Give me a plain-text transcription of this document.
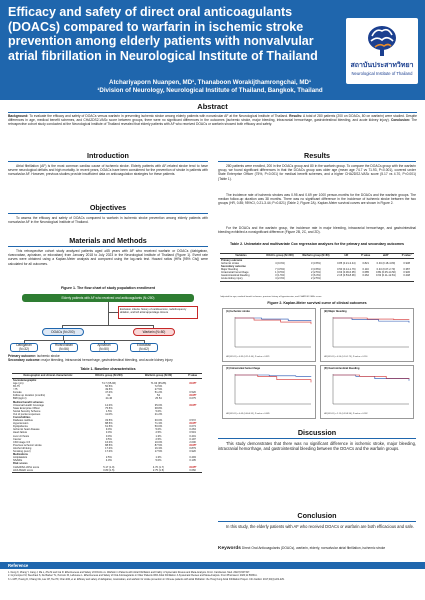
Efficacy and safety of direct oral anticoagulants (DOACs) compared to warfarin in ischemic stroke prevention among elderly patients with nonvalvular atrial fibrillation in Neurological Institute of Thailand
Atchariyaporn Nuanpen, MD¹, Thanaboon Worakijthamrongchai, MD¹
¹Division of Neurology, Neurological Institute of Thailand, Bangkok, Thailand
สถาบันประสาทวิทยา
Neurological Institute of Thailand
Abstract
Background: To evaluate the efficacy and safety of DOACs versus warfarin in preventing ischemic stroke among elderly patients with nonvalvular AF at the Neurological Institute of Thailand. Results: A total of 280 patients (200 on DOACs, 80 on warfarin) were studied. Despite differences in age, medical benefit schemes, and CHA2DS2-VASc score between groups, there were no significant differences in the outcomes (ischemic stroke, major bleeding, intracranial hemorrhage, gastrointestinal bleeding, and acute kidney injury). Conclusion: The retrospective cohort study conducted at the Neurological Institute of Thailand revealed that elderly patients with AF who received DOACs or warfarin showed both efficacy and safety.
Introduction
Atrial fibrillation (AF) is the most common cardiac cause of ischemic stroke. Elderly patients with AF-related stroke tend to have severe neurological deficits and high mortality. In recent years, DOACs have been considered for the prevention of stroke in patients with nonvalvular AF. However, previous studies provide insufficient data on anticoagulation strategies for these patients.
Objectives
To assess the efficacy and safety of DOACs compared to warfarin in ischemic stroke prevention among elderly patients with nonvalvular AF in the Neurological Institute of Thailand.
Materials and Methods
This retrospective cohort study analyzed patients aged ≥65 years with AF who received warfarin or DOACs (dabigatran, rivaroxaban, apixaban, or edoxaban) from January 2018 to July 2023 in the Neurological Institute of Thailand (Figure 1). Event rate curves were obtained using a Kaplan-Meier analysis and compared using the log-rank test. Hazard ratios (HRs [95% CIs]) were calculated for all outcomes.
Figure 1. The flow chart of study population enrollment
Elderly patients with AF who received oral anticoagulants (N=280)
Exclusion criteria: history of cardioversion, radiofrequency ablation, and left atrial appendage closure
DOACs (N=200)	Warfarin (N=80)
Dabigatran
(N=32)
Rivaroxaban
(N=56)
Apixaban
(N=50)
Edoxaban
(N=62)
Primary outcome: ischemic stroke
Secondary outcome: major bleeding, intracranial hemorrhage, gastrointestinal bleeding, and acute kidney injury
Table 1. Baseline characteristics
Demographic and clinical characteristic	DOACs group (N=200)	Warfarin group (N=80)	P value
Sociodemographic			
Age (yrs)	74.7 (65-96)	71.93 (65-86)	<0.05*
65-75	50.5%	72.5%	
>75	49.5%	27.5%	
Female	47.0%	51.2%	0.520
Follow up duration (months)	31	54	<0.05*
BMI (kg/m²)	24.46	25.54	0.075
Medical benefit schemes			
Universal Health Coverage	12.0%	35.0%	<0.05*
State Enterprise Officer	75.5%	38.8%	
Social Security Scheme	1.5%	5.0%	
Out of pocket expenses	11.0%	21.2%	
Comorbidities			
Diabetes mellitus	33.5%	30.0%	0.572
Hypertension	88.5%	71.3%	<0.05*
Dyslipidemia	61.5%	50.0%	0.073
Ischemic heart disease	9.0%	5.0%	0.263
Heart failure	3.0%	2.5%	0.519
Liver cirrhosis	0.0%	1.3%	0.401
Cancer	0.5%	2.5%	0.197
CKD stage 3-5	16.0%	10.0%	2.000
Previous ischemic stroke	88.5%	87.5%	<0.05*
Alcohol drinking	17.0%	16.3%	0.879
Smoking (ever)	17.0%	17.5%	0.920
Medications			
Antiplatelets	2.5%	1.3%	0.493
NSAIDs	4.0%	5.0%	0.105
Risk scores			
CHA2DS2-VASc score	5.17 (1.9)	4.70 (1.7)	<0.05*
HAS-BLED score	0.80 (1.5)	2.75 (1.5)	0.660
Results
280 patients were enrolled, 200 in the DOACs group and 80 in the warfarin group. To compare the DOACs group with the warfarin group, we found significant differences in that the DOACs group was older age (mean age 74.7 vs 71.93, P<0.001), covered under State Enterprise Officer (75%, P<0.001) for medical benefit schemes, and a higher CHA2DS2-VASc score (5.17 vs 4.70, P<0.001) (Table 1).
The incidence rate of ischemic strokes was 0.95 and 0.69 per 1000 person-months for the DOACs and the warfarin groups. The median follow-up duration was 38 months. There was no significant difference in the incidence of ischemic stroke between the two groups (HR, 0.85; 95%CI, 0.21-3.44; P=0.821) (Table 2, Figure 2A). Kaplan-Meier survival curves are shown in Figure 2.
For the DOACs and the warfarin group, the incidence rate in major bleeding, intracranial hemorrhage, and gastrointestinal bleeding exhibited a nonsignificant difference (Figure 2B, 2C, and 2D).
Table 2. Univariate and multivariate Cox regression analyses for the primary and secondary outcomes
Variables	DOACs group (N=200)	Warfarin group (N=80)	HR	P value	aHR¹	P value¹
Primary outcome						
Ischemic stroke	4 (0.0%)	3 (3.8%)	0.85 (0.21-3.44)	0.821	0.94 (0.18-4.80)	0.938
Secondary outcome						
Major bleeding	7 (3.5%)	3 (3.8%)	0.50 (0.14-1.79)	0.116	0.43 (0.07-2.73)	0.387
Intracranial hemorrhage	1 (0.5%)	2 (2.5%)	0.63 (0.06-6.95)	0.685	0.89 (0.05-14.50)	0.936
Gastrointestinal bleeding	3 (1.5%)	3 (6.3%)	2.15 (0.53-8.96)	0.262	0.63 (0.11-12.81)	0.248
Acute kidney injury	4 (2.0%)	2 (2.5%)				
¹adjusted for age, medical benefit schemes, previous history of hypertension, and CHA2DS2-VASc score.
Figure 2. Kaplan-Meier survival curve of clinical outcomes
(A) Ischemic stroke
HR(95%CI) = 0.85 (0.21-3.44), P-value = 0.821
(B) Major bleeding
HR(95%CI) = 0.50 (0.14-1.79), P-value = 0.116
(C) Intracranial hemorrhage
HR(95%CI) = 0.63 (0.06-6.95), P-value = 0.685
(D) Gastrointestinal bleeding
HR(95%CI) = 2.15 (0.53-8.96), P-value = 0.262
Discussion
This study demonstrates that there was no significant difference in ischemic stroke, major bleeding, intracranial hemorrhage, and gastrointestinal bleeding between the DOACs and the warfarin groups.
Conclusion
In this study, the elderly patients with AF who received DOACs or warfarin are both efficacious and safe.
Keywords Direct Oral Anticoagulants (DOACs), warfarin, elderly, nonvalvular atrial fibrillation, ischemic stroke
Reference
1. Deng X, Zhang Y, Jiang J, Ma L, Zhu M and Cai R. Effectiveness and Safety of DOACs vs. Warfarin in Patients with Atrial Fibrillation and Frailty: A Systematic Review and Meta-Analysis. Front. Cardiovasc. Med. 2022;9:907197.
2. Grymonprez M, Steurbaut S, De Backer TL, Petrovic M, Lahousse L. Effectiveness and Safety of Oral Anticoagulants in Older Patients With Atrial Fibrillation: A Systematic Review and Meta-Analysis. Front Pharmacol. 2020;11:583311.
3. Li WH, Huang D, Chiang CE, Lau CP, Tse HF, Chan EW, et al. Efficacy and safety of dabigatran, rivaroxaban, and warfarin for stroke prevention in Chinese patients with atrial fibrillation: the Hong Kong Atrial Fibrillation Project. Clin Cardiol. 2017;40(4):222-229.
